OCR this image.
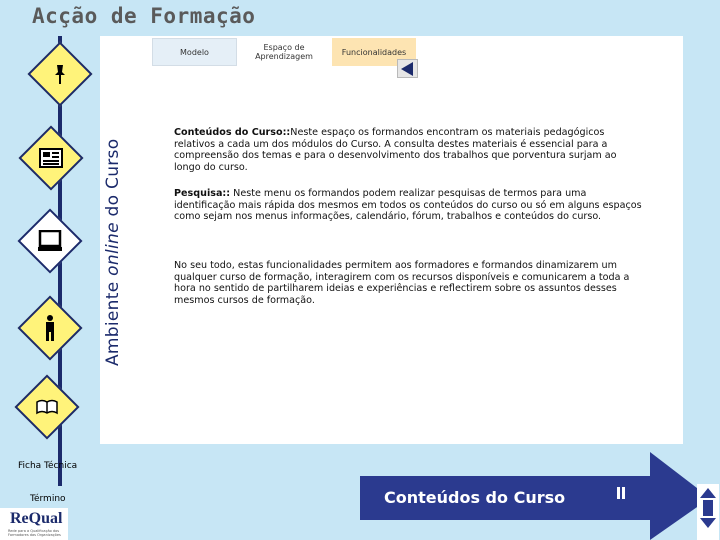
Acção de Formação
Ambiente online do Curso
Modelo	Espaço de Aprendizagem	Funcionalidades
Conteúdos do Curso::Neste espaço os formandos encontram os materiais pedagógicos relativos a cada um dos módulos do Curso. A consulta destes materiais é essencial para a compreensão dos temas e para o desenvolvimento dos trabalhos que porventura surjam ao longo do curso.
Pesquisa:: Neste menu os formandos podem realizar pesquisas de termos para uma identificação mais rápida dos mesmos em todos os conteúdos do curso ou só em alguns espaços como sejam nos menus informações, calendário, fórum, trabalhos e conteúdos do curso.
No seu todo, estas funcionalidades permitem aos formadores e formandos dinamizarem um qualquer curso de formação, interagirem com os recursos disponíveis e comunicarem a toda a hora no sentido de partilharem ideias e experiências e reflectirem sobre os assuntos desses mesmos cursos de formação.
Ficha Técnica
Término
ReQual
Rede para a Qualificação dos Formadores das Organizações
Conteúdos do Curso
